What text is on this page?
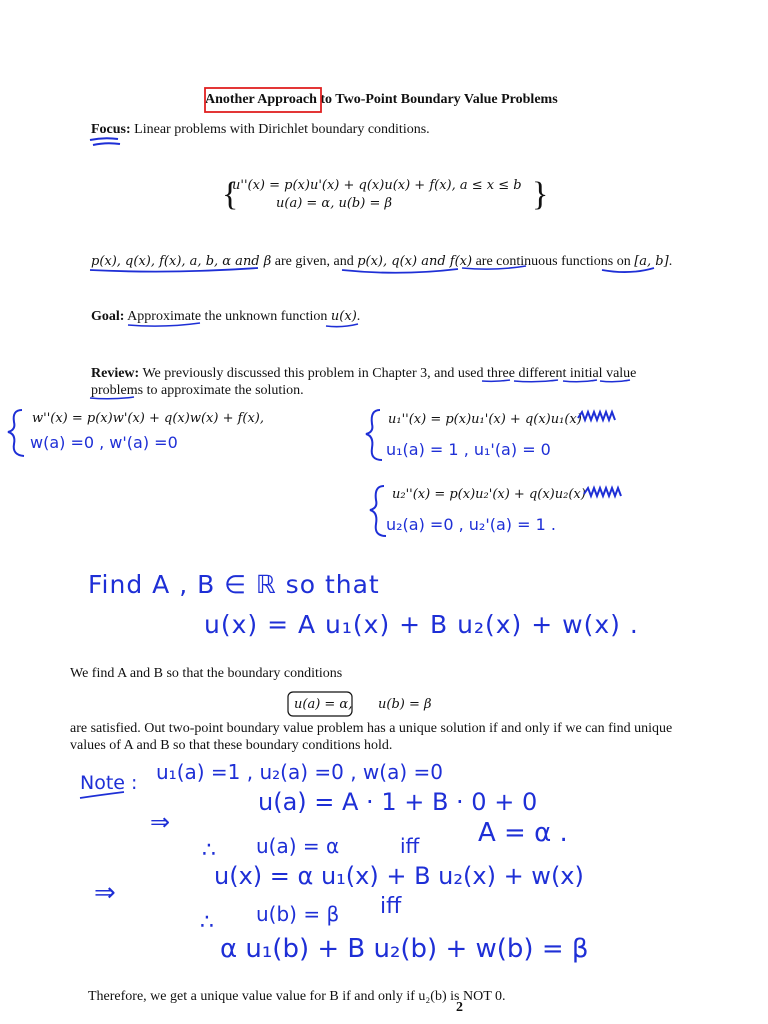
Another Approach to Two-Point Boundary Value Problems
Focus: Linear problems with Dirichlet boundary conditions.
u''(x) = p(x)u'(x) + q(x)u(x) + f(x), a ≤ x ≤ b
u(a) = α, u(b) = β
{	}
p(x), q(x), f(x), a, b, α and β are given, and p(x), q(x) and f(x) are continuous functions on [a, b].
Goal: Approximate the unknown function u(x).
Review: We previously discussed this problem in Chapter 3, and used three different initial value
problems to approximate the solution.
w''(x) = p(x)w'(x) + q(x)w(x) + f(x),
w(a) =0 , w'(a) =0
u₁''(x) = p(x)u₁'(x) + q(x)u₁(x)
u₁(a) = 1 , u₁'(a) = 0
u₂''(x) = p(x)u₂'(x) + q(x)u₂(x)
u₂(a) =0 , u₂'(a) = 1 .
Find A , B ∈ ℝ so that
u(x) = A u₁(x) + B u₂(x) + w(x) .
We find A and B so that the boundary conditions
u(a) = α, u(b) = β
are satisfied. Out two-point boundary value problem has a unique solution if and only if we can find unique
values of A and B so that these boundary conditions hold.
Note : u₁(a) =1 , u₂(a) =0 , w(a) =0
u(a) = A · 1 + B · 0 + 0
⇒
∴ u(a) = α	iff A = α .
⇒
u(x) = α u₁(x) + B u₂(x) + w(x)
∴ u(b) = β iff
α u₁(b) + B u₂(b) + w(b) = β
Therefore, we get a unique value value for B if and only if u₂(b) is NOT 0.
2
